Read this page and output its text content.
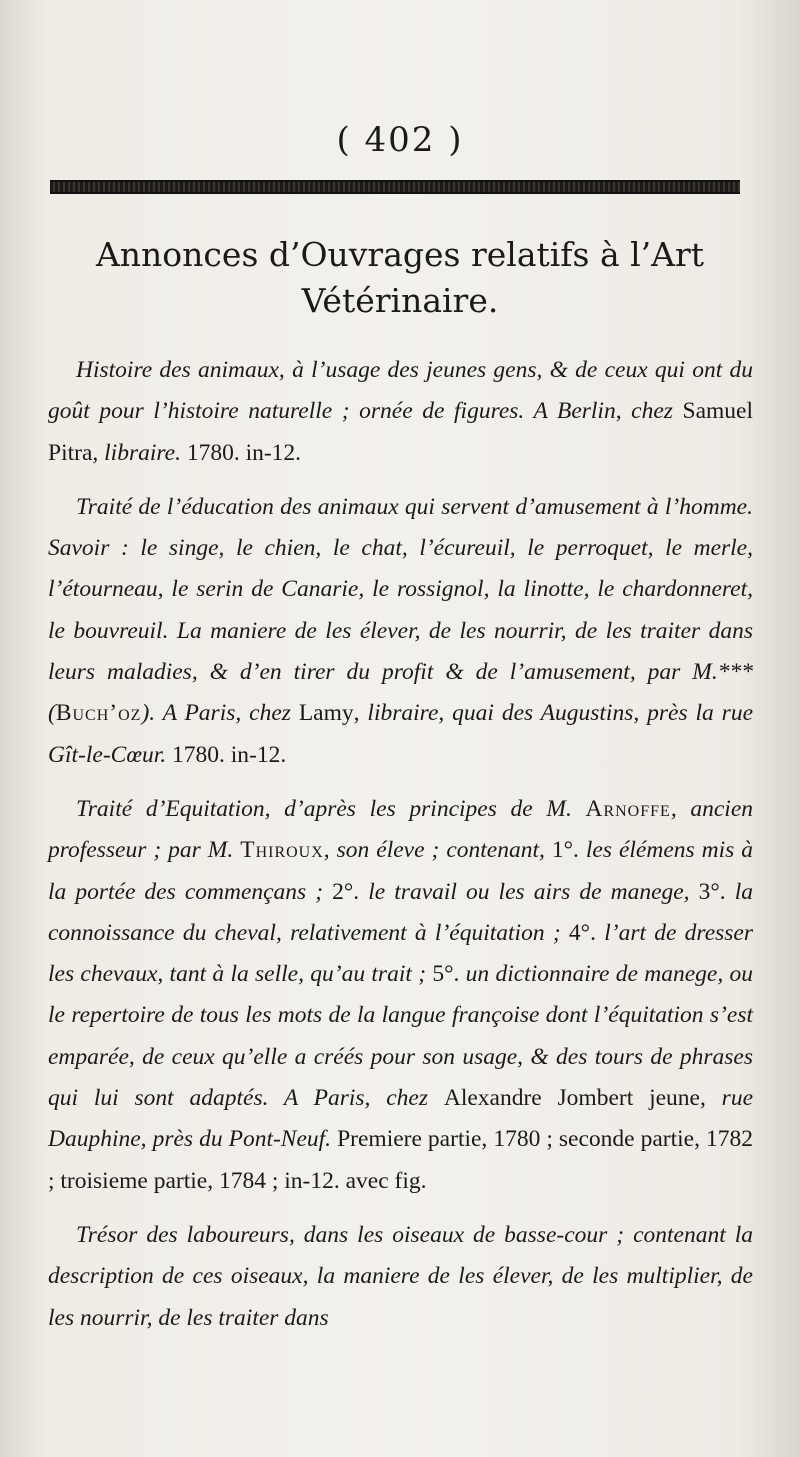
( 402 )
Annonces d’Ouvrages relatifs à l’Art
Vétérinaire.

Histoire des animaux, à l’usage des jeunes gens, & de ceux qui ont du goût pour l’histoire naturelle ; ornée de figures. A Berlin, chez Samuel Pitra, libraire. 1780. in-12.

Traité de l’éducation des animaux qui servent d’amusement à l’homme. Savoir : le singe, le chien, le chat, l’écureuil, le perroquet, le merle, l’étourneau, le serin de Canarie, le rossignol, la linotte, le chardonneret, le bouvreuil. La maniere de les élever, de les nourrir, de les traiter dans leurs maladies, & d’en tirer du profit & de l’amusement, par M.*** (Buch’oz). A Paris, chez Lamy, libraire, quai des Augustins, près la rue Gît-le-Cœur. 1780. in-12.

Traité d’Equitation, d’après les principes de M. Arnoffe, ancien professeur ; par M. Thiroux, son éleve ; contenant, 1°. les élémens mis à la portée des commençans ; 2°. le travail ou les airs de manege, 3°. la connoissance du cheval, relativement à l’équitation ; 4°. l’art de dresser les chevaux, tant à la selle, qu’au trait ; 5°. un dictionnaire de manege, ou le repertoire de tous les mots de la langue françoise dont l’équitation s’est emparée, de ceux qu’elle a créés pour son usage, & des tours de phrases qui lui sont adaptés. A Paris, chez Alexandre Jombert jeune, rue Dauphine, près du Pont-Neuf. Premiere partie, 1780 ; seconde partie, 1782 ; troisieme partie, 1784 ; in-12. avec fig.

Trésor des laboureurs, dans les oiseaux de basse-cour ; contenant la description de ces oiseaux, la maniere de les élever, de les multiplier, de les nourrir, de les traiter dans
